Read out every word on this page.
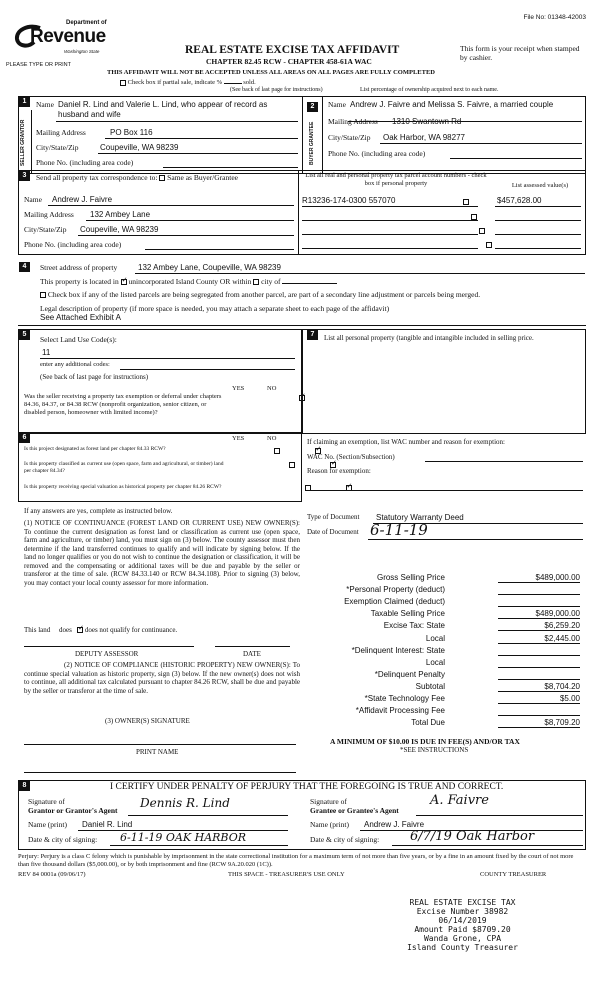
File No: 01348-42003
Department of
Revenue
Washington State
PLEASE TYPE OR PRINT
REAL ESTATE EXCISE TAX AFFIDAVIT
CHAPTER 82.45 RCW - CHAPTER 458-61A WAC
This form is your receipt when stamped by cashier.
THIS AFFIDAVIT WILL NOT BE ACCEPTED UNLESS ALL AREAS ON ALL PAGES ARE FULLY COMPLETED
Check box if partial sale, indicate %	sold.
(See back of last page for instructions)	List percentage of ownership acquired next to each name.
1
SELLER GRANTOR
Name Daniel R. Lind and Valerie L. Lind, who appear of record as husband and wife
Mailing Address	PO Box 116
City/State/Zip	Coupeville, WA 98239
Phone No. (including area code)
2
BUYER GRANTEE
Name Andrew J. Faivre and Melissa S. Faivre, a married couple
Mailing Address 1310 Swantown Rd
City/State/Zip Oak Harbor, WA 98277
Phone No. (including area code)
3	Send all property tax correspondence to: Same as Buyer/Grantee
Name Andrew J. Faivre
Mailing Address 132 Ambey Lane
City/State/Zip Coupeville, WA 98239
Phone No. (including area code)
List all real and personal property tax parcel account numbers - check box if personal property	List assessed value(s)
R13236-174-0300 557070	$457,628.00

4	Street address of property	132 Ambey Lane, Coupeville, WA 98239
This property is located in ✓ unincorporated Island County OR within city of
Check box if any of the listed parcels are being segregated from another parcel, are part of a secondary line adjustment or parcels being merged.
Legal description of property (if more space is needed, you may attach a separate sheet to each page of the affidavit)
See Attached Exhibit A
5
Select Land Use Code(s):
11
enter any additional codes:
(See back of last page for instructions)
YES	NO
Was the seller receiving a property tax exemption or deferral under chapters 84.36, 84.37, or 84.38 RCW (nonprofit organization, senior citizen, or disabled person, homeowner with limited income)?
✓
6	YES	NO
Is this project designated as forest land per chapter 84.33 RCW?
✓
Is this property classified as current use (open space, farm and agricultural, or timber) land per chapter 84.34?
✓
Is this property receiving special valuation as historical property per chapter 84.26 RCW?
✓
If any answers are yes, complete as instructed below.
(1) NOTICE OF CONTINUANCE (FOREST LAND OR CURRENT USE) NEW OWNER(S): To continue the current designation as forest land or classification as current use (open space, farm and agriculture, or timber) land, you must sign on (3) below. The county assessor must then determine if the land transferred continues to qualify and will indicate by signing below. If the land no longer qualifies or you do not wish to continue the designation or classification, it will be removed and the compensating or additional taxes will be due and payable by the seller or transferor at the time of sale. (RCW 84.33.140 or RCW 84.34.108). Prior to signing (3) below, you may contact your local county assessor for more information.
This land does ✓ does not qualify for continuance.
DEPUTY ASSESSOR	DATE
(2) NOTICE OF COMPLIANCE (HISTORIC PROPERTY) NEW OWNER(S): To continue special valuation as historic property, sign (3) below. If the new owner(s) does not wish to continue, all additional tax calculated pursuant to chapter 84.26 RCW, shall be due and payable by the seller or transferor at the time of sale.
(3) OWNER(S) SIGNATURE
PRINT NAME
7	List all personal property (tangible and intangible included in selling price.
If claiming an exemption, list WAC number and reason for exemption:
WAC No. (Section/Subsection)
Reason for exemption:
Type of Document Statutory Warranty Deed
Date of Document 6-11-19
Gross Selling Price	$489,000.00
*Personal Property (deduct)
Exemption Claimed (deduct)
Taxable Selling Price	$489,000.00
Excise Tax: State	$6,259.20
Local	$2,445.00
*Delinquent Interest: State
Local
*Delinquent Penalty
Subtotal	$8,704.20
*State Technology Fee	$5.00
*Affidavit Processing Fee
Total Due	$8,709.20
A MINIMUM OF $10.00 IS DUE IN FEE(S) AND/OR TAX
*SEE INSTRUCTIONS
8	I CERTIFY UNDER PENALTY OF PERJURY THAT THE FOREGOING IS TRUE AND CORRECT.
Signature of
Grantor or Grantor's Agent
Dennis R. Lind
Name (print) Daniel R. Lind
Date & city of signing: 6-11-19 OAK HARBOR
Signature of
Grantee or Grantee's Agent
A. Faivre
Name (print) Andrew J. Faivre
Date & city of signing: 6/7/19 Oak Harbor
Perjury: Perjury is a class C felony which is punishable by imprisonment in the state correctional institution for a maximum term of not more than five years, or by a fine in an amount fixed by the court of not more than five thousand dollars ($5,000.00), or by both imprisonment and fine (RCW 9A.20.020 (1C)).
REV 84 0001a (09/06/17)	THIS SPACE - TREASURER'S USE ONLY	COUNTY TREASURER
REAL ESTATE EXCISE TAX
Excise Number 38982
06/14/2019
Amount Paid $8709.20
Wanda Grone, CPA
Island County Treasurer
